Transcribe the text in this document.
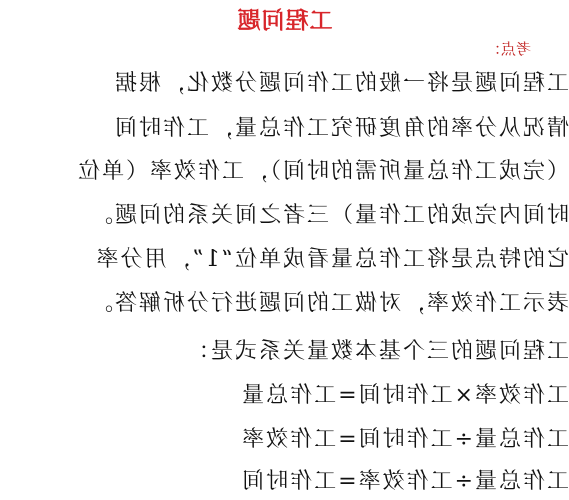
工程问题
考点：
工程问题是将一般的工作问题分数化，根据
情况从分率的角度研究工作总量，工作时间
（完成工作总量所需的时间），工作效率（单位
时间内完成的工作量）三者之间关系的问题。
它的特点是将工作总量看成单位“1”，用分率
表示工作效率，对做工的问题进行分析解答。
工程问题的三个基本数量关系式是：
工作效率×工作时间=工作总量
工作总量÷工作时间=工作效率
工作总量÷工作效率=工作时间
